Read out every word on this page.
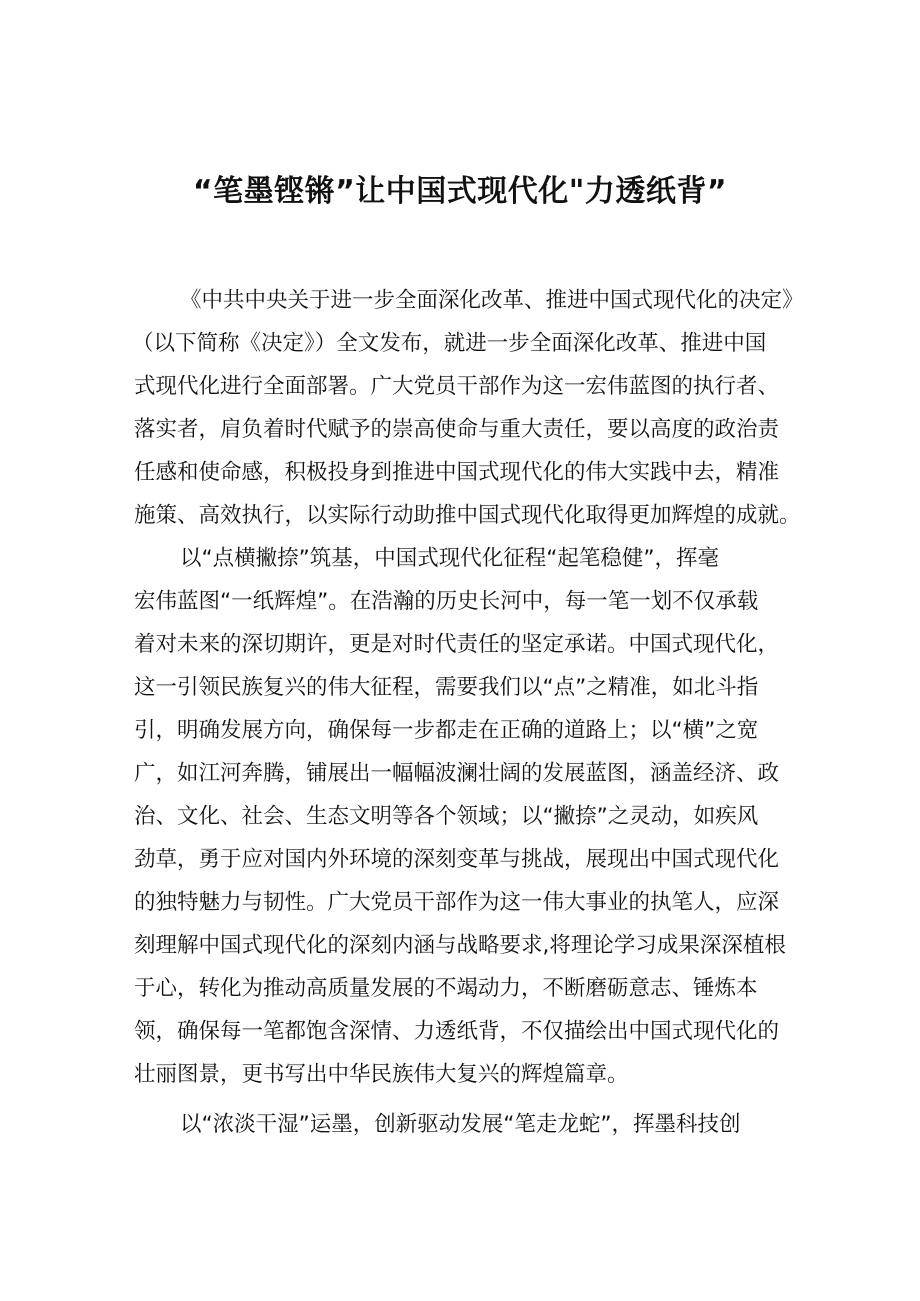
“笔墨铿锵”让中国式现代化"力透纸背”

《中共中央关于进一步全面深化改革、推进中国式现代化的决定》

（以下简称《决定》）全文发布，就进一步全面深化改革、推进中国

式现代化进行全面部署。广大党员干部作为这一宏伟蓝图的执行者、

落实者，肩负着时代赋予的崇高使命与重大责任，要以高度的政治责

任感和使命感，积极投身到推进中国式现代化的伟大实践中去，精准

施策、高效执行，以实际行动助推中国式现代化取得更加辉煌的成就。

以“点横撇捺”筑基，中国式现代化征程“起笔稳健”，挥毫

宏伟蓝图“一纸辉煌”。在浩瀚的历史长河中，每一笔一划不仅承载

着对未来的深切期许，更是对时代责任的坚定承诺。中国式现代化，

这一引领民族复兴的伟大征程，需要我们以“点”之精准，如北斗指

引，明确发展方向，确保每一步都走在正确的道路上；以“横”之宽

广，如江河奔腾，铺展出一幅幅波澜壮阔的发展蓝图，涵盖经济、政

治、文化、社会、生态文明等各个领域；以“撇捺”之灵动，如疾风

劲草，勇于应对国内外环境的深刻变革与挑战，展现出中国式现代化

的独特魅力与韧性。广大党员干部作为这一伟大事业的执笔人，应深

刻理解中国式现代化的深刻内涵与战略要求,将理论学习成果深深植根

于心，转化为推动高质量发展的不竭动力，不断磨砺意志、锤炼本

领，确保每一笔都饱含深情、力透纸背，不仅描绘出中国式现代化的

壮丽图景，更书写出中华民族伟大复兴的辉煌篇章。

以“浓淡干湿”运墨，创新驱动发展“笔走龙蛇”，挥墨科技创
